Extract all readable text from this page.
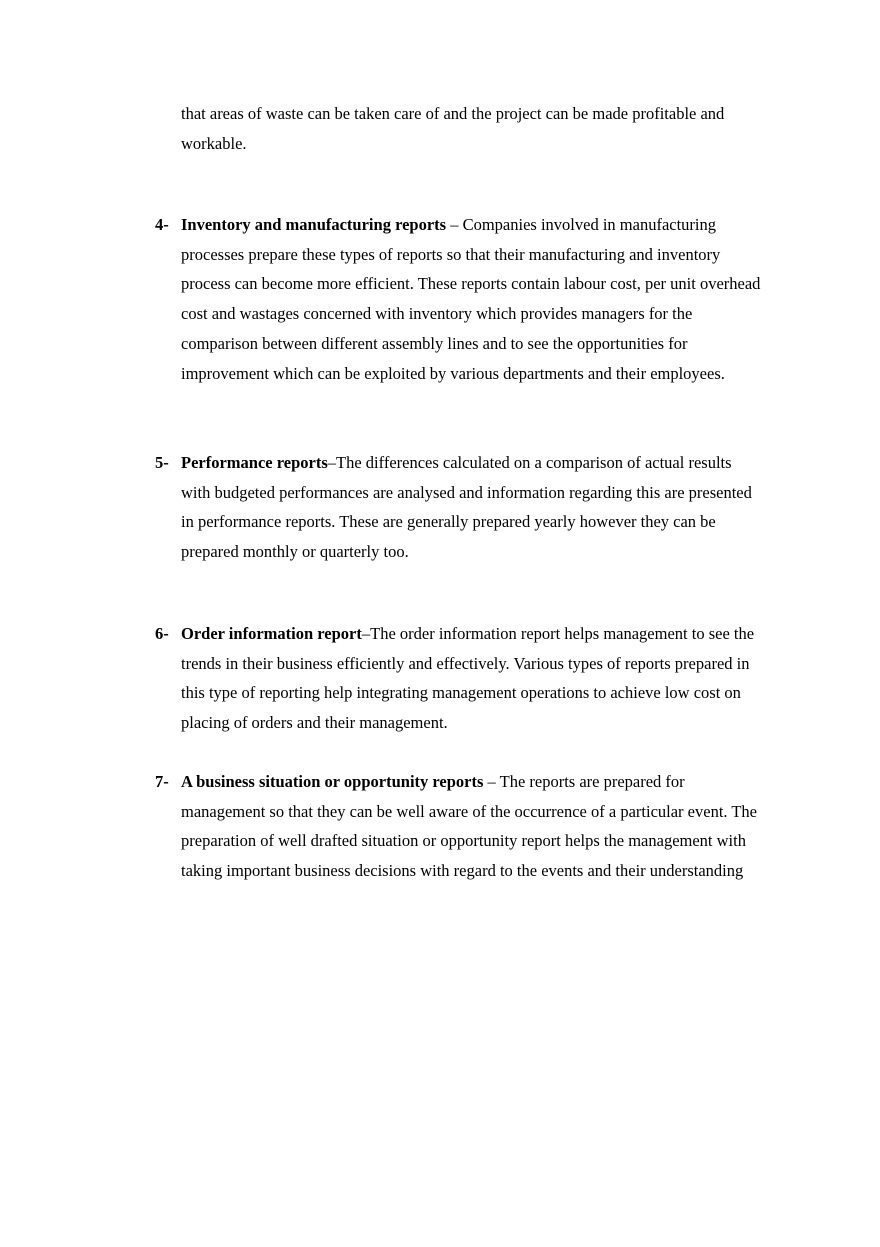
that areas of waste can be taken care of and the project can be made profitable and workable.

4- Inventory and manufacturing reports – Companies involved in manufacturing processes prepare these types of reports so that their manufacturing and inventory process can become more efficient. These reports contain labour cost, per unit overhead cost and wastages concerned with inventory which provides managers for the comparison between different assembly lines and to see the opportunities for improvement which can be exploited by various departments and their employees.

5- Performance reports–The differences calculated on a comparison of actual results with budgeted performances are analysed and information regarding this are presented in performance reports. These are generally prepared yearly however they can be prepared monthly or quarterly too.

6- Order information report–The order information report helps management to see the trends in their business efficiently and effectively. Various types of reports prepared in this type of reporting help integrating management operations to achieve low cost on placing of orders and their management.

7- A business situation or opportunity reports – The reports are prepared for management so that they can be well aware of the occurrence of a particular event. The preparation of well drafted situation or opportunity report helps the management with taking important business decisions with regard to the events and their understanding
